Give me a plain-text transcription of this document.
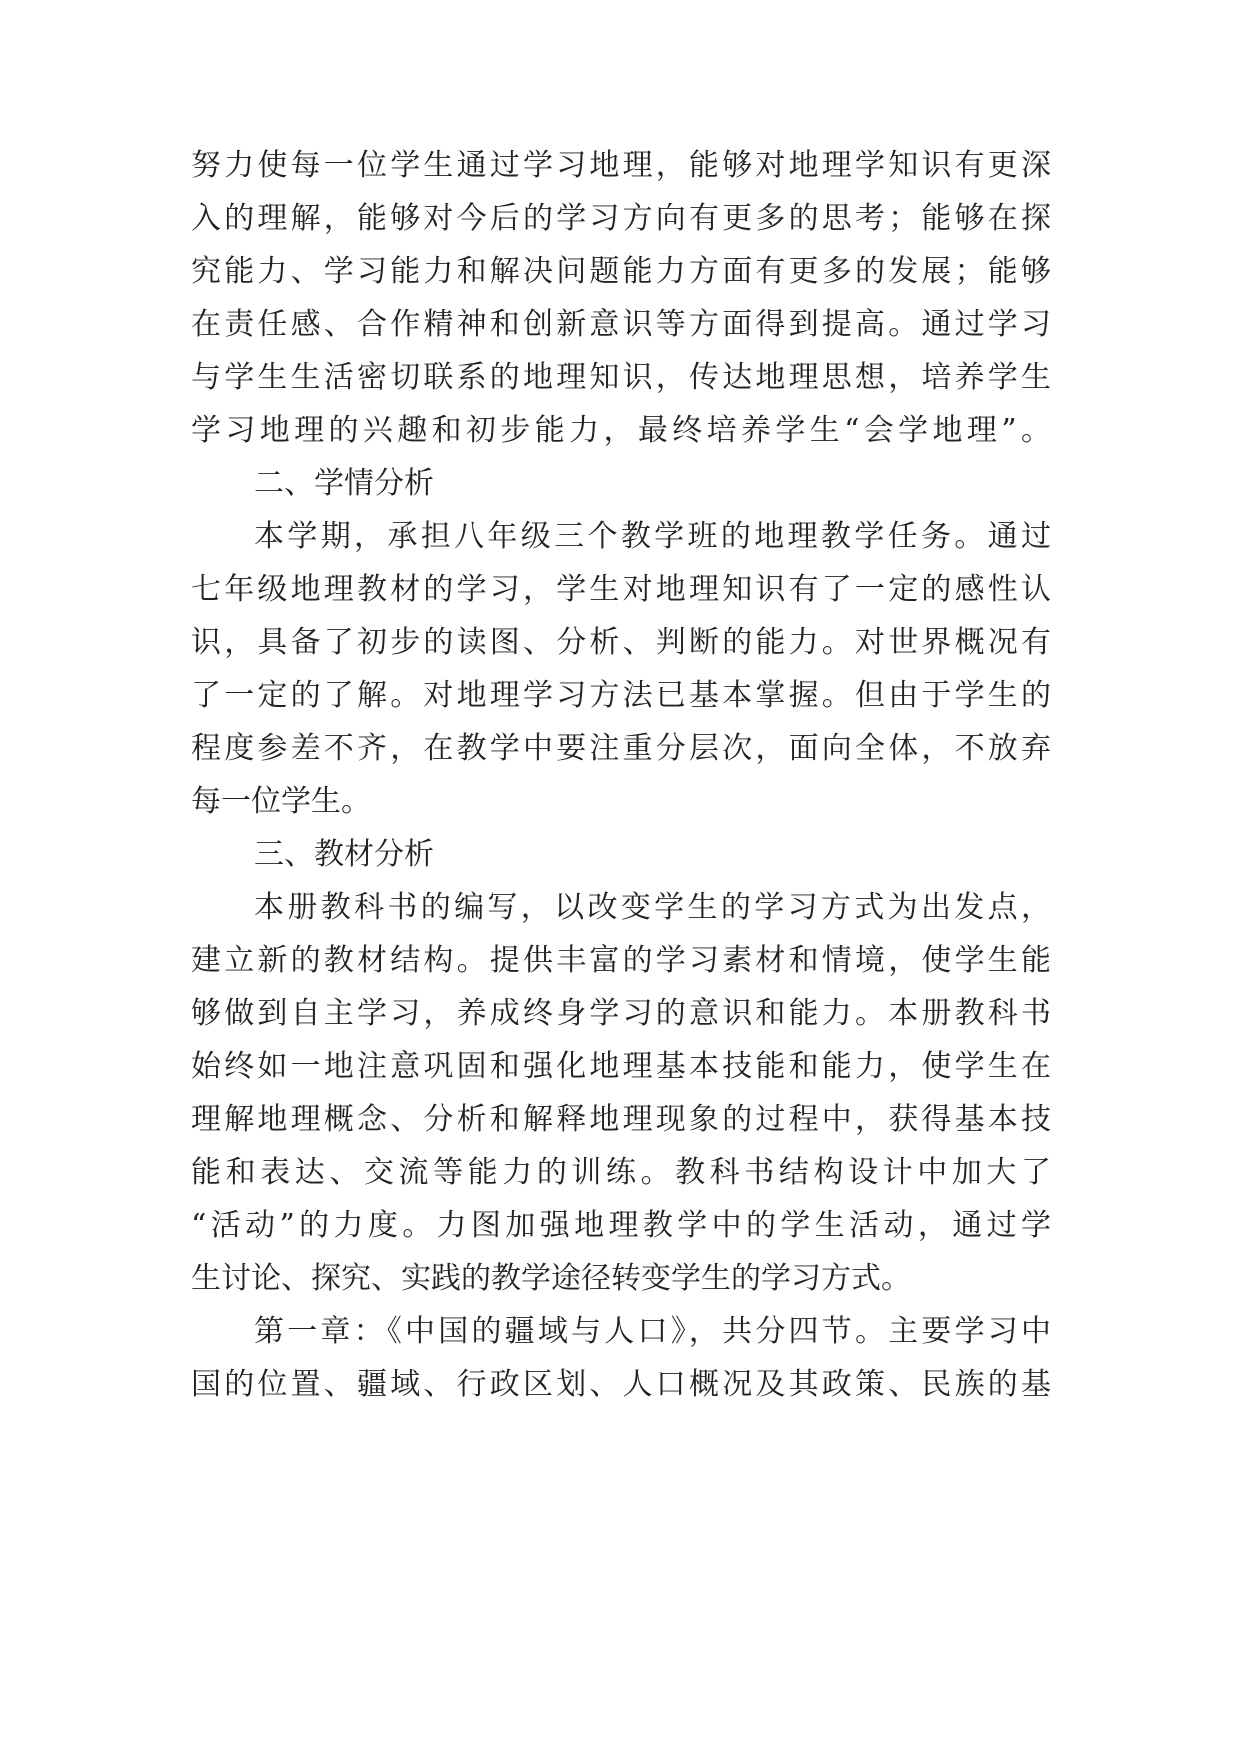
努力使每一位学生通过学习地理，能够对地理学知识有更深
入的理解，能够对今后的学习方向有更多的思考；能够在探
究能力、学习能力和解决问题能力方面有更多的发展；能够
在责任感、合作精神和创新意识等方面得到提高。通过学习
与学生生活密切联系的地理知识，传达地理思想，培养学生
学习地理的兴趣和初步能力，最终培养学生“会学地理”。
二、学情分析
本学期，承担八年级三个教学班的地理教学任务。通过
七年级地理教材的学习，学生对地理知识有了一定的感性认
识，具备了初步的读图、分析、判断的能力。对世界概况有
了一定的了解。对地理学习方法已基本掌握。但由于学生的
程度参差不齐，在教学中要注重分层次，面向全体，不放弃
每一位学生。
三、教材分析
本册教科书的编写，以改变学生的学习方式为出发点，
建立新的教材结构。提供丰富的学习素材和情境，使学生能
够做到自主学习，养成终身学习的意识和能力。本册教科书
始终如一地注意巩固和强化地理基本技能和能力，使学生在
理解地理概念、分析和解释地理现象的过程中，获得基本技
能和表达、交流等能力的训练。教科书结构设计中加大了
“活动”的力度。力图加强地理教学中的学生活动，通过学
生讨论、探究、实践的教学途径转变学生的学习方式。
第一章：《中国的疆域与人口》，共分四节。主要学习中
国的位置、疆域、行政区划、人口概况及其政策、民族的基
